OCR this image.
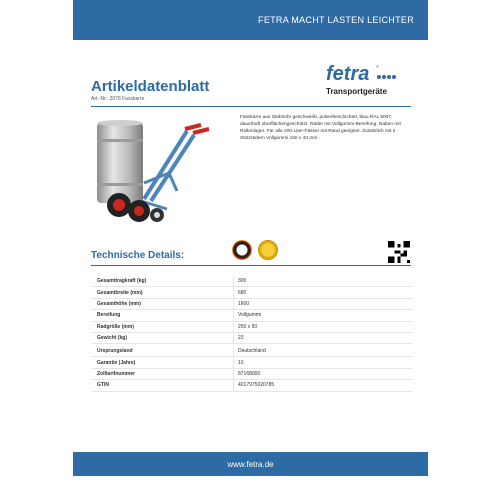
FETRA MACHT LASTEN LEICHTER
Artikeldatenblatt
Art.-Nr.: 2078 Fasskarre
fetra ®
Transportgeräte
Fasskarre aus Stahlrohr geschweißt, pulverbeschichtet, blau RAL 5007, dauerhaft oberflächengeschützt. Räder mit Vollgummi-Bereifung, Naben mit Rollenlager. Für alle 200-Liter-Fässer mit Rand geeignet. Zusätzlich mit 2 Stützrädern Vollgummi 160 x 40 mm.
Technische Details:
Gesamttragkraft (kg)	300
Gesamtbreite (mm)	680
Gesamthöhe (mm)	1600
Bereifung	Vollgummi
Radgröße (mm)	250 x 60
Gewicht (kg)	23
Ursprungsland	Deutschland
Garantie (Jahre)	10
Zolltarifnummer	87168000
GTIN	4017975020785
www.fetra.de
